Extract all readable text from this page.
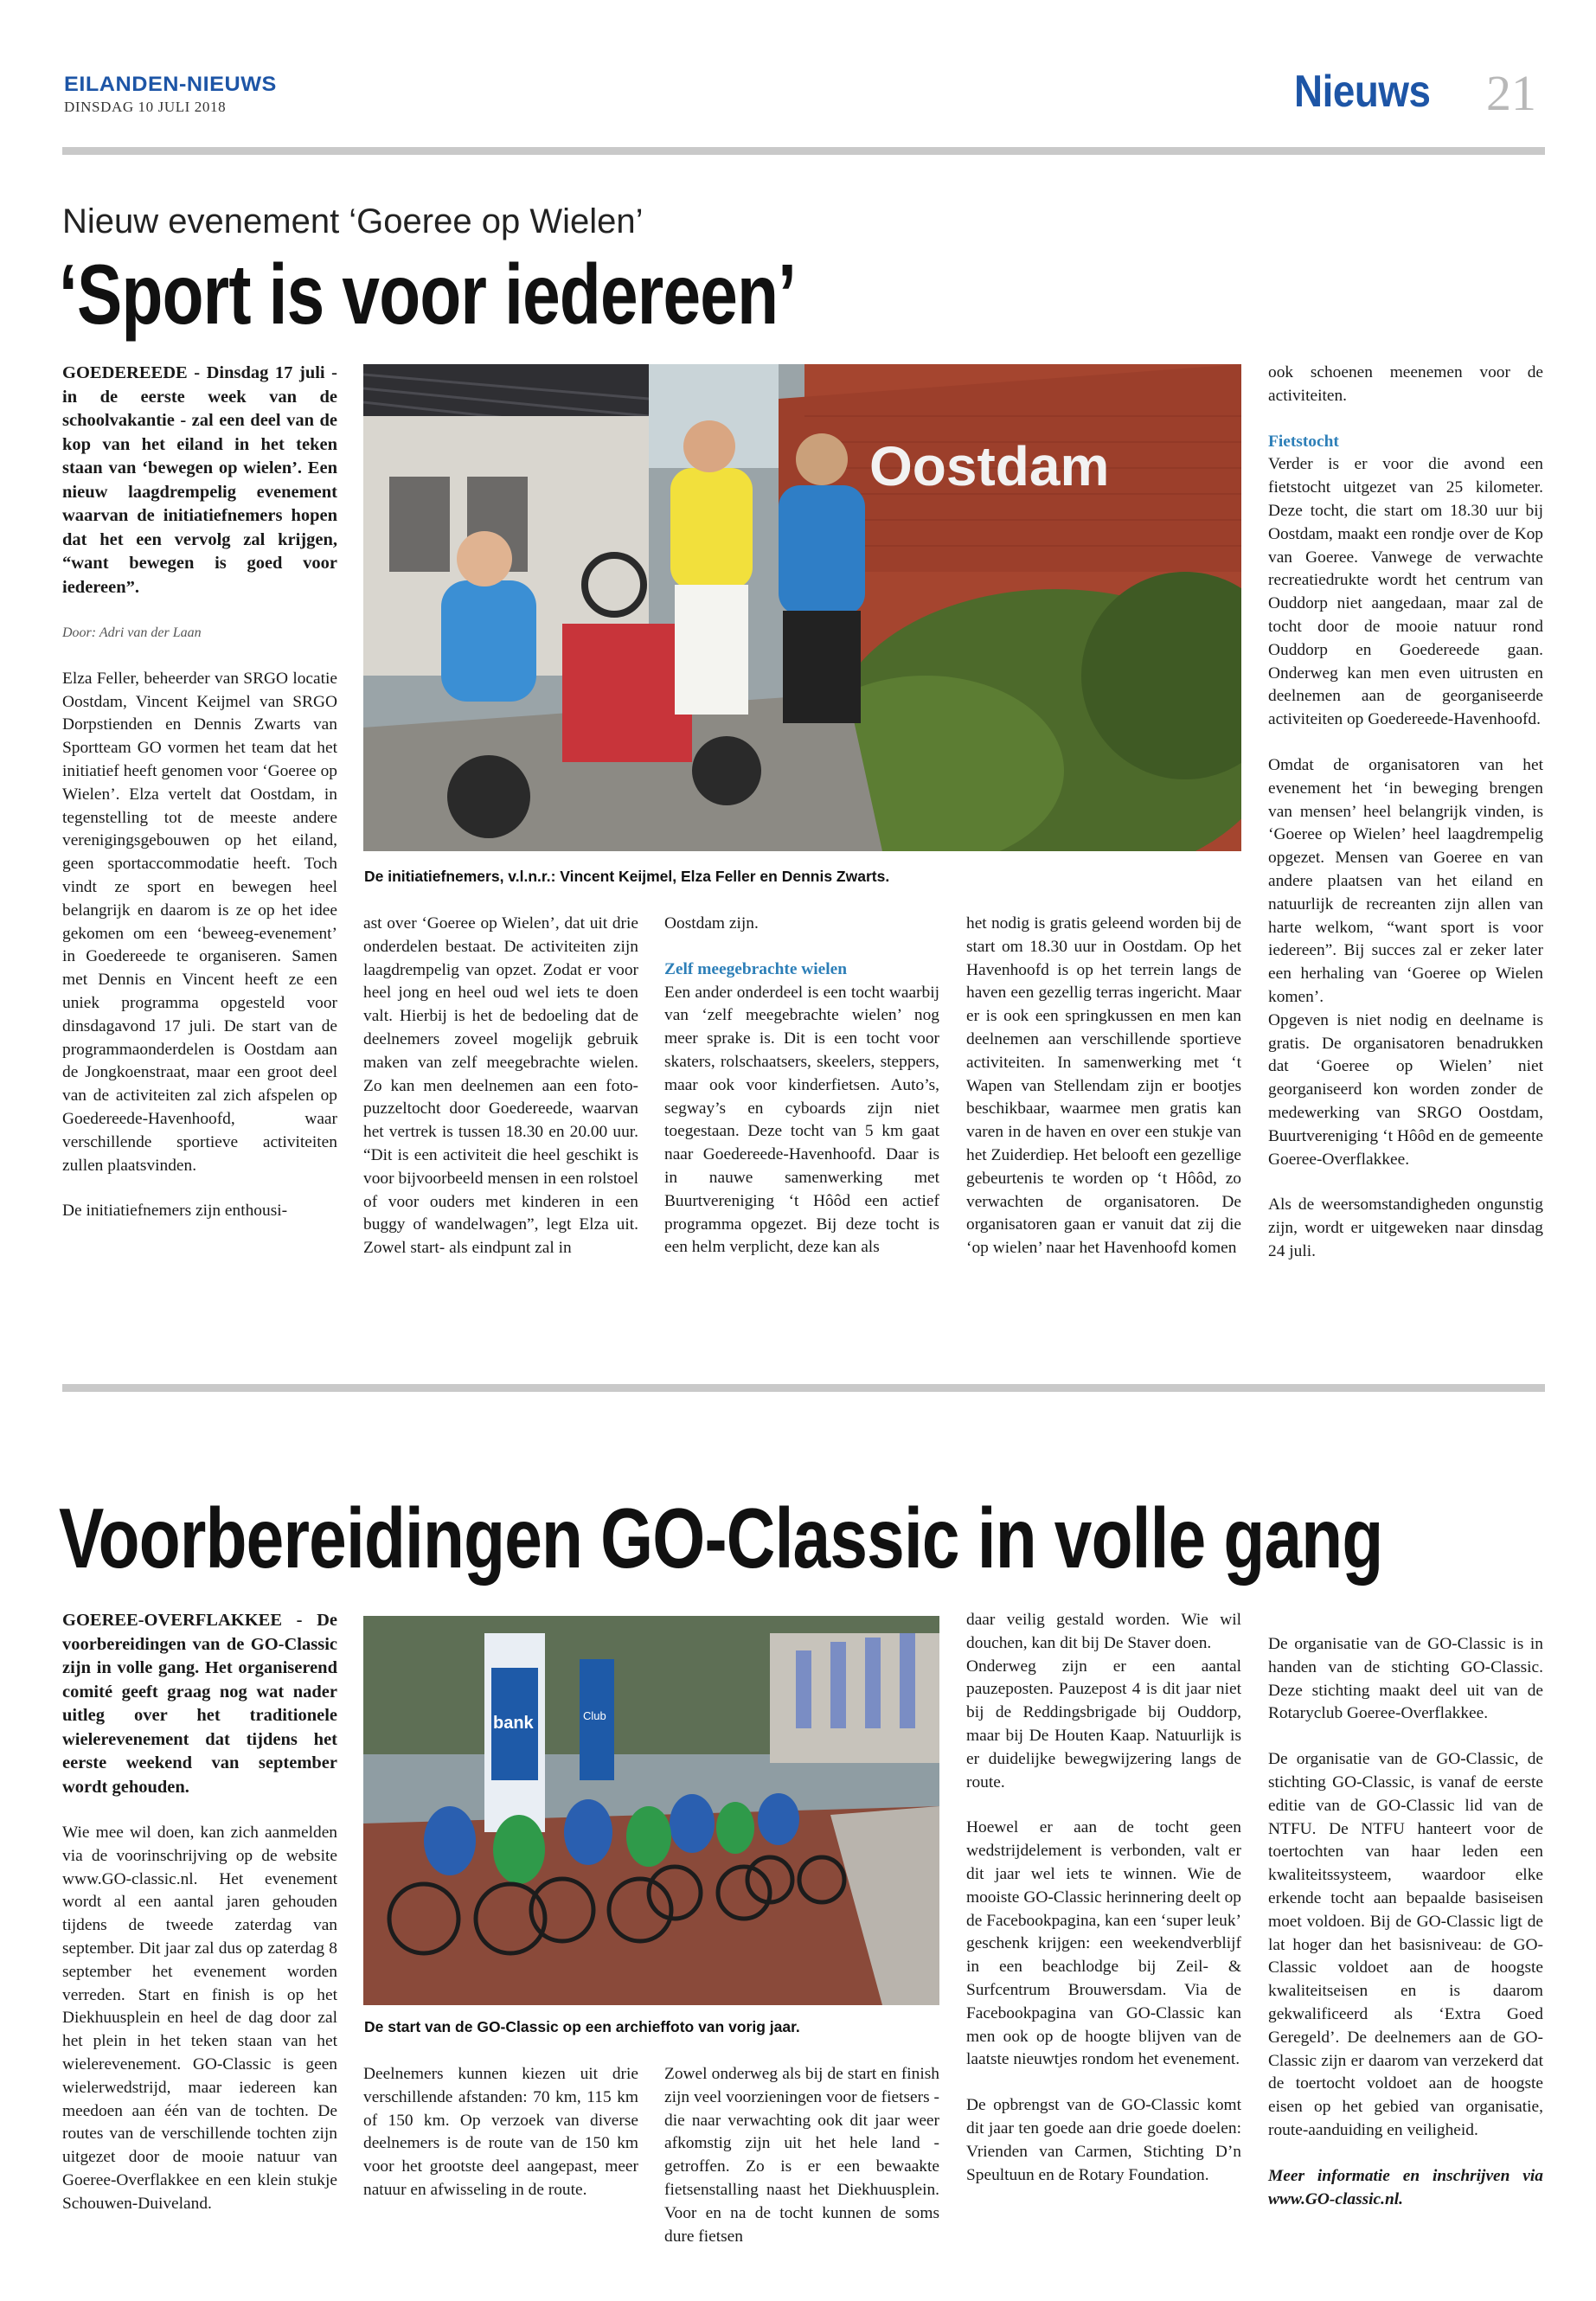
EILANDEN-NIEUWS
DINSDAG 10 JULI 2018	Nieuws 21
Nieuw evenement ‘Goeree op Wielen’
‘Sport is voor iedereen’

GOEDEREEDE - Dinsdag 17 juli - in de eerste week van de schoolvakantie - zal een deel van de kop van het eiland in het teken staan van ‘bewegen op wielen’. Een nieuw laagdrempelig evenement waarvan de initiatiefnemers hopen dat het een vervolg zal krijgen, “want bewegen is goed voor iedereen”.

Door: Adri van der Laan

Elza Feller, beheerder van SRGO locatie Oostdam, Vincent Keijmel van SRGO Dorpstienden en Dennis Zwarts van Sportteam GO vormen het team dat het initiatief heeft genomen voor ‘Goeree op Wielen’. Elza vertelt dat Oostdam, in tegenstelling tot de meeste andere verenigingsgebouwen op het eiland, geen sportaccommodatie heeft. Toch vindt ze sport en bewegen heel belangrijk en daarom is ze op het idee gekomen om een ‘beweeg-evenement’ in Goedereede te organiseren. Samen met Dennis en Vincent heeft ze een uniek programma opgesteld voor dinsdagavond 17 juli. De start van de programmaonderdelen is Oostdam aan de Jongkoenstraat, maar een groot deel van de activiteiten zal zich afspelen op Goedereede-Havenhoofd, waar verschillende sportieve activiteiten zullen plaatsvinden.

De initiatiefnemers zijn enthousi-

Oostdam
De initiatiefnemers, v.l.n.r.: Vincent Keijmel, Elza Feller en Dennis Zwarts.

ast over ‘Goeree op Wielen’, dat uit drie onderdelen bestaat. De activiteiten zijn laagdrempelig van opzet. Zodat er voor heel jong en heel oud wel iets te doen valt. Hierbij is het de bedoeling dat de deelnemers zoveel mogelijk gebruik maken van zelf meegebrachte wielen. Zo kan men deelnemen aan een foto-puzzeltocht door Goedereede, waarvan het vertrek is tussen 18.30 en 20.00 uur. “Dit is een activiteit die heel geschikt is voor bijvoorbeeld mensen in een rolstoel of voor ouders met kinderen in een buggy of wandelwagen”, legt Elza uit. Zowel start- als eindpunt zal in

Oostdam zijn.

Zelf meegebrachte wielen

Een ander onderdeel is een tocht waarbij van ‘zelf meegebrachte wielen’ nog meer sprake is. Dit is een tocht voor skaters, rolschaatsers, skeelers, steppers, maar ook voor kinderfietsen. Auto’s, segway’s en cyboards zijn niet toegestaan. Deze tocht van 5 km gaat naar Goedereede-Havenhoofd. Daar is in nauwe samenwerking met Buurtvereniging ‘t Hôôd een actief programma opgezet. Bij deze tocht is een helm verplicht, deze kan als

het nodig is gratis geleend worden bij de start om 18.30 uur in Oostdam. Op het Havenhoofd is op het terrein langs de haven een gezellig terras ingericht. Maar er is ook een springkussen en men kan deelnemen aan verschillende sportieve activiteiten. In samenwerking met ‘t Wapen van Stellendam zijn er bootjes beschikbaar, waarmee men gratis kan varen in de haven en over een stukje van het Zuiderdiep. Het belooft een gezellige gebeurtenis te worden op ‘t Hôôd, zo verwachten de organisatoren. De organisatoren gaan er vanuit dat zij die ‘op wielen’ naar het Havenhoofd komen

ook schoenen meenemen voor de activiteiten.

Fietstocht

Verder is er voor die avond een fietstocht uitgezet van 25 kilometer. Deze tocht, die start om 18.30 uur bij Oostdam, maakt een rondje over de Kop van Goeree. Vanwege de verwachte recreatiedrukte wordt het centrum van Ouddorp niet aangedaan, maar zal de tocht door de mooie natuur rond Ouddorp en Goedereede gaan. Onderweg kan men even uitrusten en deelnemen aan de georganiseerde activiteiten op Goedereede-Havenhoofd.

Omdat de organisatoren van het evenement het ‘in beweging brengen van mensen’ heel belangrijk vinden, is ‘Goeree op Wielen’ heel laagdrempelig opgezet. Mensen van Goeree en van andere plaatsen van het eiland en natuurlijk de recreanten zijn allen van harte welkom, “want sport is voor iedereen”. Bij succes zal er zeker later een herhaling van ‘Goeree op Wielen komen’.

Opgeven is niet nodig en deelname is gratis. De organisatoren benadrukken dat ‘Goeree op Wielen’ niet georganiseerd kon worden zonder de medewerking van SRGO Oostdam, Buurtvereniging ‘t Hôôd en de gemeente Goeree-Overflakkee.

Als de weersomstandigheden ongunstig zijn, wordt er uitgeweken naar dinsdag 24 juli.

Voorbereidingen GO-Classic in volle gang

GOEREE-OVERFLAKKEE - De voorbereidingen van de GO-Classic zijn in volle gang. Het organiserend comité geeft graag nog wat nader uitleg over het traditionele wielerevenement dat tijdens het eerste weekend van september wordt gehouden.

Wie mee wil doen, kan zich aanmelden via de voorinschrijving op de website www.GO-classic.nl. Het evenement wordt al een aantal jaren gehouden tijdens de tweede zaterdag van september. Dit jaar zal dus op zaterdag 8 september het evenement worden verreden. Start en finish is op het Diekhuusplein en heel de dag door zal het plein in het teken staan van het wielerevenement. GO-Classic is geen wielerwedstrijd, maar iedereen kan meedoen aan één van de tochten. De routes van de verschillende tochten zijn uitgezet door de mooie natuur van Goeree-Overflakkee en een klein stukje Schouwen-Duiveland.

bank	Club
De start van de GO-Classic op een archieffoto van vorig jaar.

Deelnemers kunnen kiezen uit drie verschillende afstanden: 70 km, 115 km of 150 km. Op verzoek van diverse deelnemers is de route van de 150 km voor het grootste deel aangepast, meer natuur en afwisseling in de route.

Zowel onderweg als bij de start en finish zijn veel voorzieningen voor de fietsers - die naar verwachting ook dit jaar weer afkomstig zijn uit het hele land - getroffen. Zo is er een bewaakte fietsenstalling naast het Diekhuusplein. Voor en na de tocht kunnen de soms dure fietsen

daar veilig gestald worden. Wie wil douchen, kan dit bij De Staver doen.

Onderweg zijn er een aantal pauzeposten. Pauzepost 4 is dit jaar niet bij de Reddingsbrigade bij Ouddorp, maar bij De Houten Kaap. Natuurlijk is er duidelijke bewegwijzering langs de route.

Hoewel er aan de tocht geen wedstrijdelement is verbonden, valt er dit jaar wel iets te winnen. Wie de mooiste GO-Classic herinnering deelt op de Facebookpagina, kan een ‘super leuk’ geschenk krijgen: een weekendverblijf in een beachlodge bij Zeil- & Surfcentrum Brouwersdam. Via de Facebookpagina van GO-Classic kan men ook op de hoogte blijven van de laatste nieuwtjes rondom het evenement.

De opbrengst van de GO-Classic komt dit jaar ten goede aan drie goede doelen: Vrienden van Carmen, Stichting D’n Speultuun en de Rotary Foundation.

De organisatie van de GO-Classic is in handen van de stichting GO-Classic. Deze stichting maakt deel uit van de Rotaryclub Goeree-Overflakkee.

De organisatie van de GO-Classic, de stichting GO-Classic, is vanaf de eerste editie van de GO-Classic lid van de NTFU. De NTFU hanteert voor de toertochten van haar leden een kwaliteitssysteem, waardoor elke erkende tocht aan bepaalde basiseisen moet voldoen. Bij de GO-Classic ligt de lat hoger dan het basisniveau: de GO-Classic voldoet aan de hoogste kwaliteitseisen en is daarom gekwalificeerd als ‘Extra Goed Geregeld’. De deelnemers aan de GO-Classic zijn er daarom van verzekerd dat de toertocht voldoet aan de hoogste eisen op het gebied van organisatie, route-aanduiding en veiligheid.

Meer informatie en inschrijven via www.GO-classic.nl.
